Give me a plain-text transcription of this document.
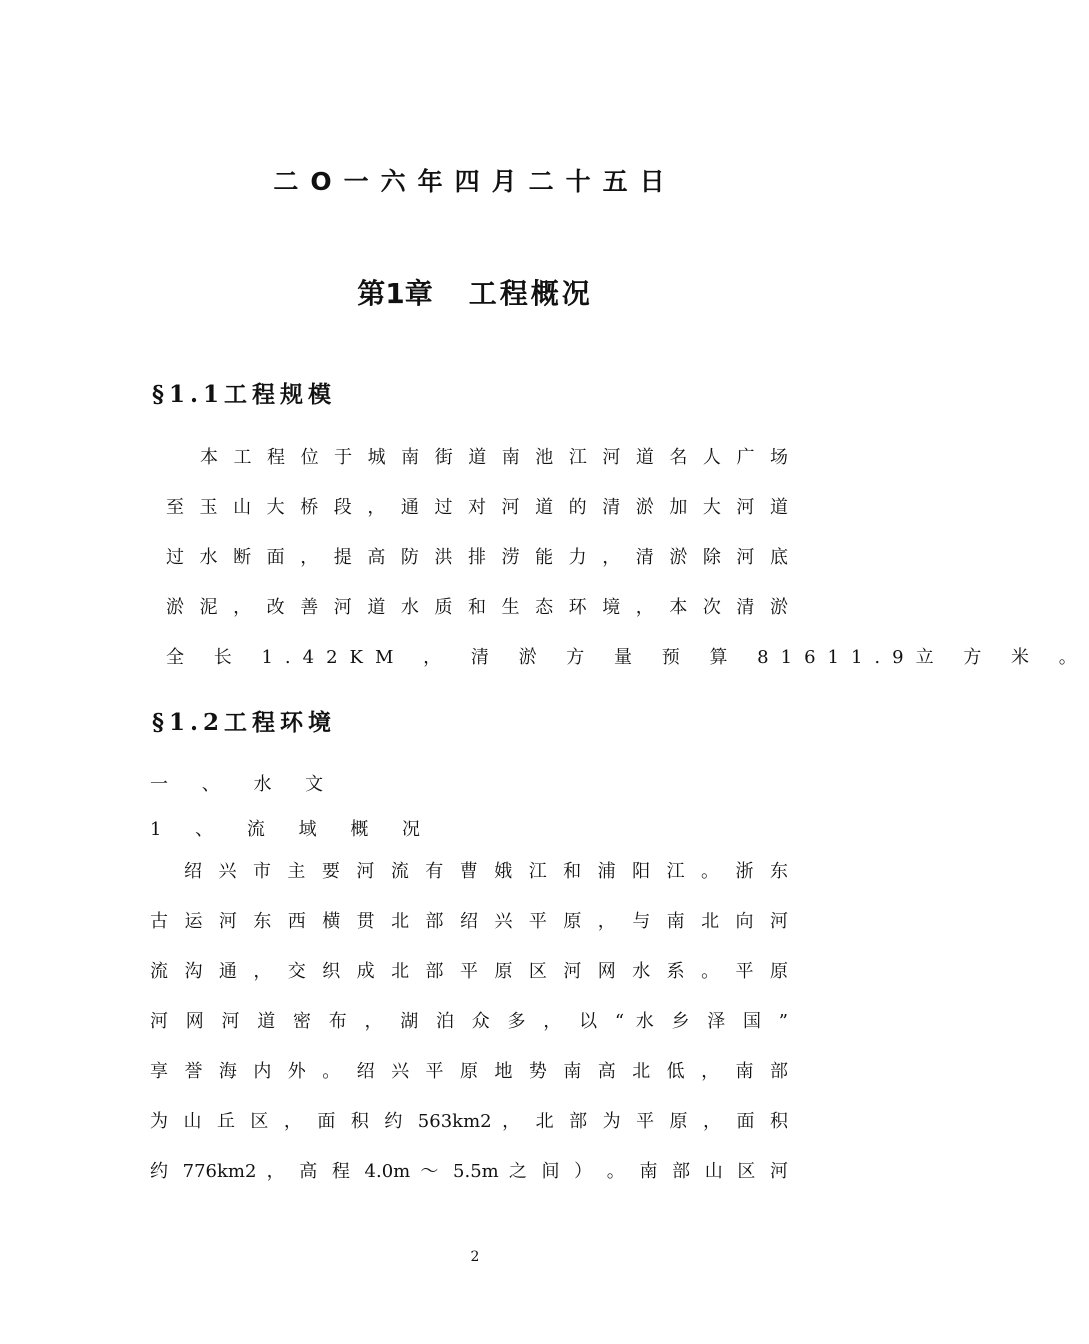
二O一六年四月二十五日
第1章 工程概况
§1.1工程规模
本 工 程 位 于 城 南 街 道 南 池 江 河 道 名 人 广 场
至 玉 山 大 桥 段 ， 通 过 对 河 道 的 清 淤 加 大 河 道
过 水 断 面 ， 提 高 防 洪 排 涝 能 力 ， 清 淤 除 河 底
淤 泥 ， 改 善 河 道 水 质 和 生 态 环 境 ， 本 次 清 淤
全 长 1.42KM ， 清 淤 方 量 预 算 81611.9立 方 米 。
§1.2工程环境
一 、 水 文
1 、 流 域 概 况
绍 兴 市 主 要 河 流 有 曹 娥 江 和 浦 阳 江 。 浙 东
古 运 河 东 西 横 贯 北 部 绍 兴 平 原 ， 与 南 北 向 河
流 沟 通 ， 交 织 成 北 部 平 原 区 河 网 水 系 。 平 原
河 网 河 道 密 布 ， 湖 泊 众 多 ， 以 “ 水 乡 泽 国 ”
享 誉 海 内 外 。 绍 兴 平 原 地 势 南 高 北 低 ， 南 部
为 山 丘 区 ， 面 积 约 563km2 ， 北 部 为 平 原 ， 面 积
约 776km2 ， 高 程 4.0m ～ 5.5m 之 间 ） 。 南 部 山 区 河
2
